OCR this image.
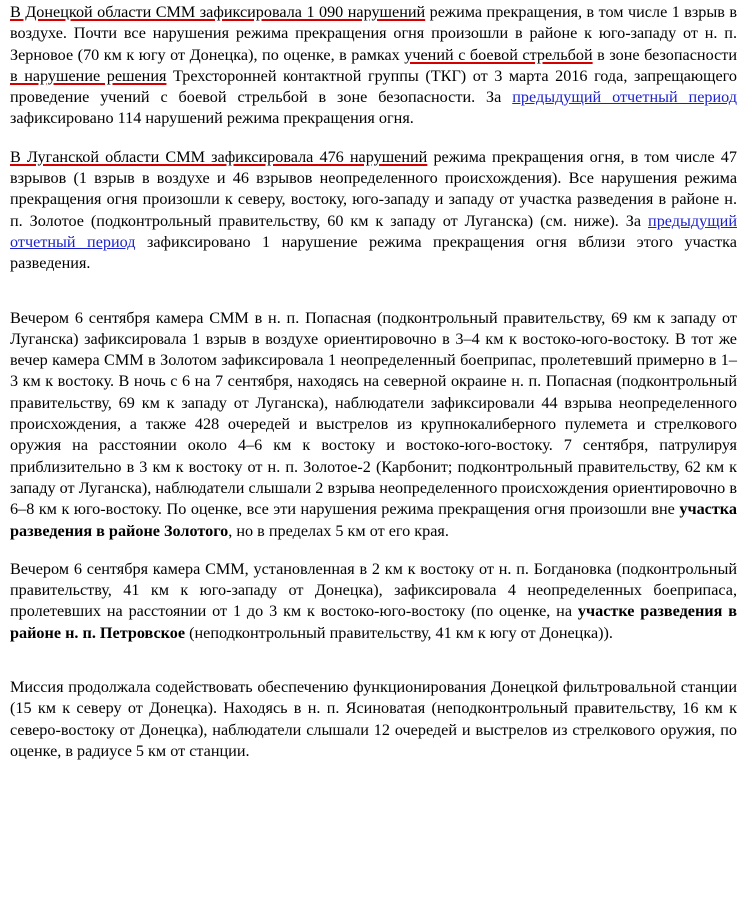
В Донецкой области СММ зафиксировала 1 090 нарушений режима прекращения, в том числе 1 взрыв в воздухе. Почти все нарушения режима прекращения огня произошли в районе к юго-западу от н. п. Зерновое (70 км к югу от Донецка), по оценке, в рамках учений с боевой стрельбой в зоне безопасности в нарушение решения Трехсторонней контактной группы (ТКГ) от 3 марта 2016 года, запрещающего проведение учений с боевой стрельбой в зоне безопасности. За предыдущий отчетный период зафиксировано 114 нарушений режима прекращения огня.

В Луганской области СММ зафиксировала 476 нарушений режима прекращения огня, в том числе 47 взрывов (1 взрыв в воздухе и 46 взрывов неопределенного происхождения). Все нарушения режима прекращения огня произошли к северу, востоку, юго-западу и западу от участка разведения в районе н. п. Золотое (подконтрольный правительству, 60 км к западу от Луганска) (см. ниже). За предыдущий отчетный период зафиксировано 1 нарушение режима прекращения огня вблизи этого участка разведения.

Вечером 6 сентября камера СММ в н. п. Попасная (подконтрольный правительству, 69 км к западу от Луганска) зафиксировала 1 взрыв в воздухе ориентировочно в 3–4 км к востоко-юго-востоку. В тот же вечер камера СММ в Золотом зафиксировала 1 неопределенный боеприпас, пролетевший примерно в 1–3 км к востоку. В ночь с 6 на 7 сентября, находясь на северной окраине н. п. Попасная (подконтрольный правительству, 69 км к западу от Луганска), наблюдатели зафиксировали 44 взрыва неопределенного происхождения, а также 428 очередей и выстрелов из крупнокалиберного пулемета и стрелкового оружия на расстоянии около 4–6 км к востоку и востоко-юго-востоку. 7 сентября, патрулируя приблизительно в 3 км к востоку от н. п. Золотое-2 (Карбонит; подконтрольный правительству, 62 км к западу от Луганска), наблюдатели слышали 2 взрыва неопределенного происхождения ориентировочно в 6–8 км к юго-востоку. По оценке, все эти нарушения режима прекращения огня произошли вне участка разведения в районе Золотого, но в пределах 5 км от его края.

Вечером 6 сентября камера СММ, установленная в 2 км к востоку от н. п. Богдановка (подконтрольный правительству, 41 км к юго-западу от Донецка), зафиксировала 4 неопределенных боеприпаса, пролетевших на расстоянии от 1 до 3 км к востоко-юго-востоку (по оценке, на участке разведения в районе н. п. Петровское (неподконтрольный правительству, 41 км к югу от Донецка)).

Миссия продолжала содействовать обеспечению функционирования Донецкой фильтровальной станции (15 км к северу от Донецка). Находясь в н. п. Ясиноватая (неподконтрольный правительству, 16 км к северо-востоку от Донецка), наблюдатели слышали 12 очередей и выстрелов из стрелкового оружия, по оценке, в радиусе 5 км от станции.
